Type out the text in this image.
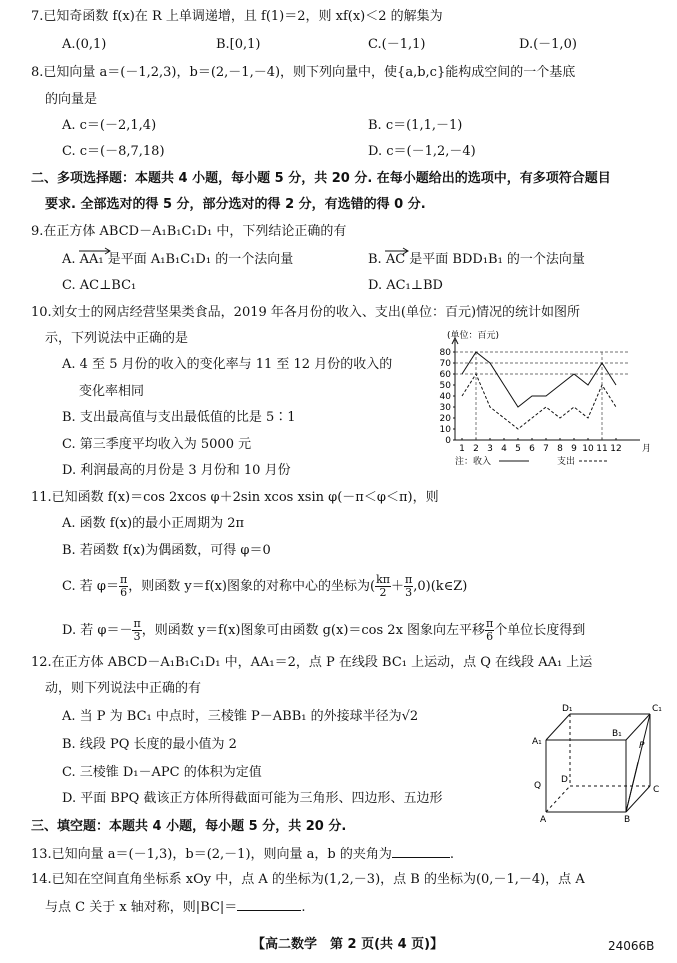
7.已知奇函数 f(x)在 R 上单调递增，且 f(1)＝2，则 xf(x)＜2 的解集为
A.(0,1)	B.[0,1)	C.(－1,1)	D.(－1,0)
8.已知向量 a＝(－1,2,3)，b＝(2,－1,－4)，则下列向量中，使{a,b,c}能构成空间的一个基底
的向量是
A. c＝(－2,1,4)	B. c＝(1,1,－1)
C. c＝(－8,7,18)	D. c＝(－1,2,－4)
二、多项选择题：本题共 4 小题，每小题 5 分，共 20 分. 在每小题给出的选项中，有多项符合题目
要求. 全部选对的得 5 分，部分选对的得 2 分，有选错的得 0 分.
9.在正方体 ABCD－A₁B₁C₁D₁ 中，下列结论正确的有
A. AA₁ 是平面 A₁B₁C₁D₁ 的一个法向量	B. AC 是平面 BDD₁B₁ 的一个法向量
C. AC⊥BC₁	D. AC₁⊥BD
10.刘女士的网店经营坚果类食品，2019 年各月份的收入、支出(单位：百元)情况的统计如图所
示，下列说法中正确的是
A. 4 至 5 月份的收入的变化率与 11 至 12 月份的收入的
变化率相同
B. 支出最高值与支出最低值的比是 5∶1
C. 第三季度平均收入为 5000 元
D. 利润最高的月份是 3 月份和 10 月份
(单位：百元)
0
10
20
30
40
50
60
70
80
1 2 3 4 5 6 7 8 9 10 11 12 月
注：收入	支出
11.已知函数 f(x)＝cos 2xcos φ＋2sin xcos xsin φ(－π＜φ＜π)，则
A. 函数 f(x)的最小正周期为 2π
B. 若函数 f(x)为偶函数，可得 φ＝0
C. 若 $\varphi= \frac{\pi}{6}$ ，则函数 y＝f(x)图象的对称中心的坐标为( $\frac{k\pi}{2} + \frac{\pi}{3}$ ,0)(k∈Z)
D. 若 $\varphi=- \frac{\pi}{3}$ ，则函数 y＝f(x)图象可由函数 g(x)＝cos 2x 图象向左平移 $\frac{\pi}{6}$ 个单位长度得到
12.在正方体 ABCD－A₁B₁C₁D₁ 中，AA₁＝2，点 P 在线段 BC₁ 上运动，点 Q 在线段 AA₁ 上运
动，则下列说法中正确的有
A. 当 P 为 BC₁ 中点时，三棱锥 P－ABB₁ 的外接球半径为√2
B. 线段 PQ 长度的最小值为 2
C. 三棱锥 D₁－APC 的体积为定值
D. 平面 BPQ 截该正方体所得截面可能为三角形、四边形、五边形
D₁	C₁
A₁
B₁
P
Q
D
C
A	B
三、填空题：本题共 4 小题，每小题 5 分，共 20 分.
13.已知向量 a＝(－1,3)，b＝(2,－1)，则向量 a，b 的夹角为	.
14.已知在空间直角坐标系 xOy 中，点 A 的坐标为(1,2,－3)，点 B 的坐标为(0,－1,－4)，点 A
与点 C 关于 x 轴对称，则|BC|＝	.
【高二数学　第 2 页(共 4 页)】	24066B
